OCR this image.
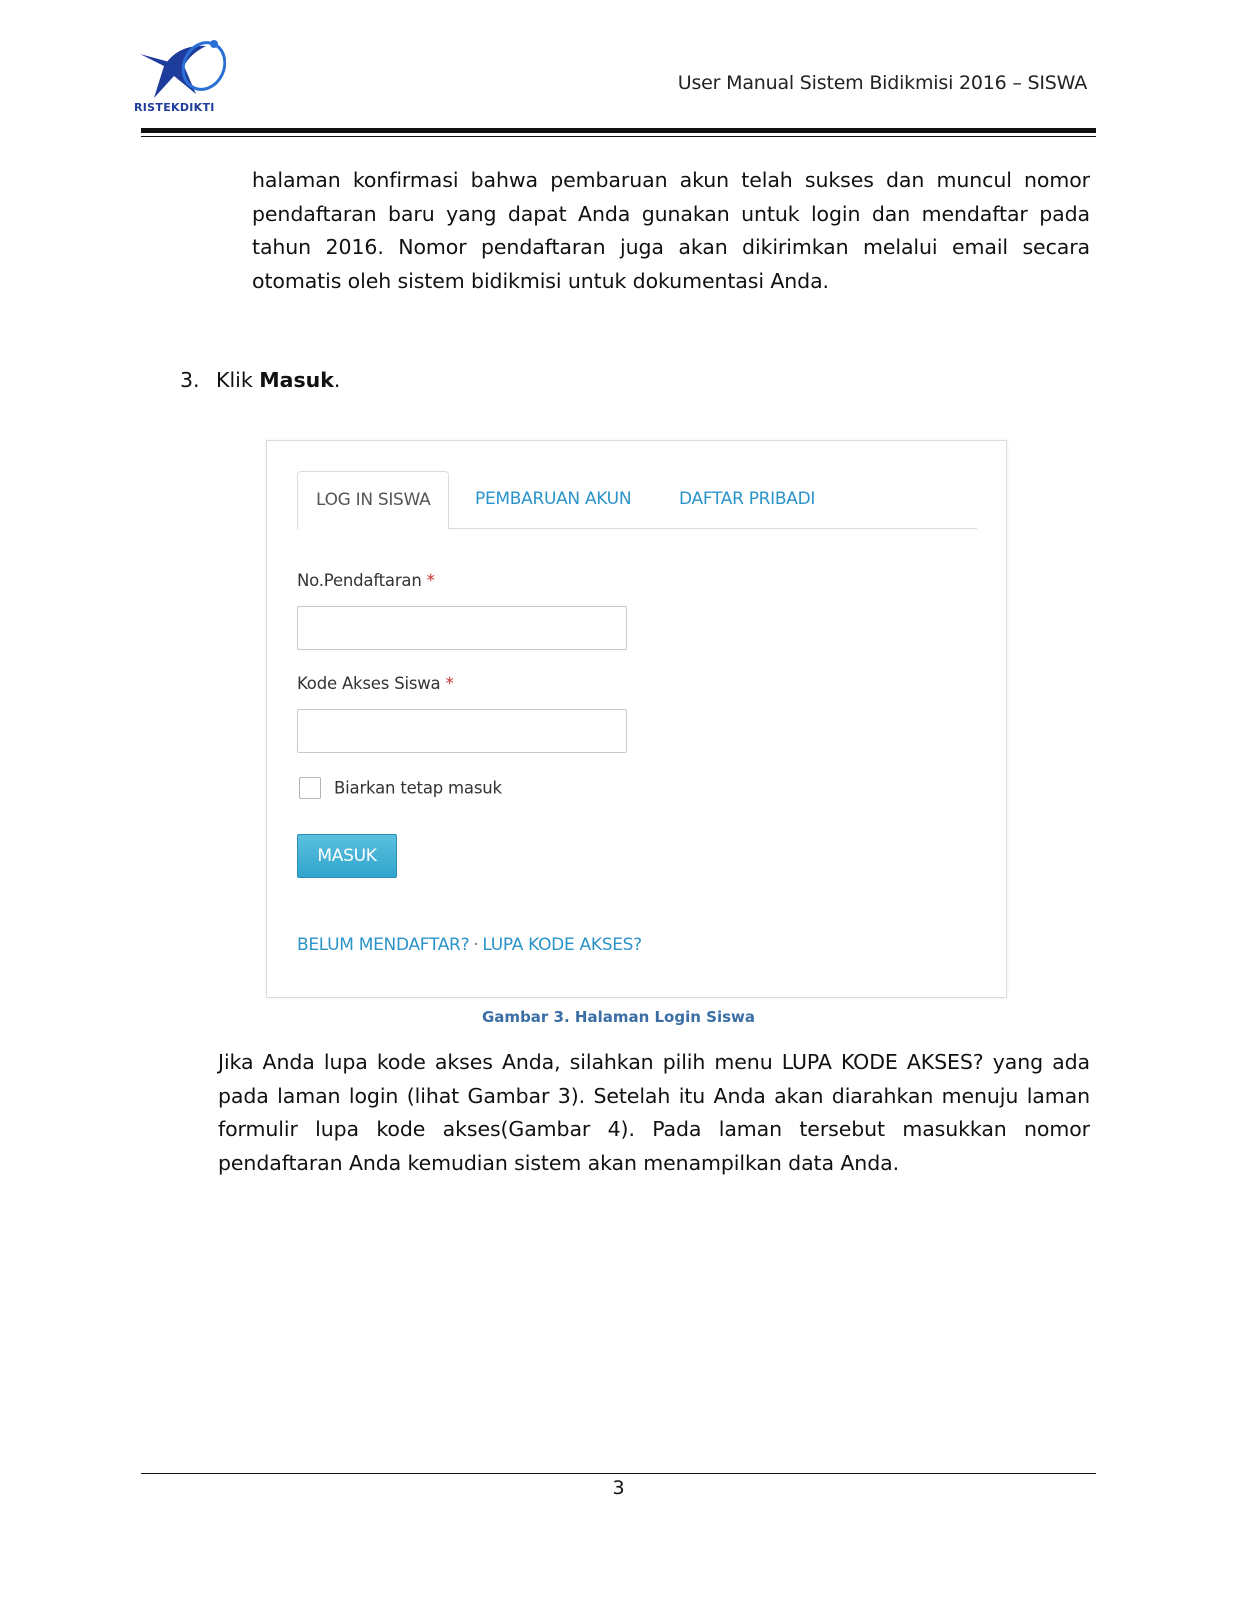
RISTEKDIKTI
User Manual Sistem Bidikmisi 2016 – SISWA
halaman konfirmasi bahwa pembaruan akun telah sukses dan muncul nomor pendaftaran baru yang dapat Anda gunakan untuk login dan mendaftar pada tahun 2016. Nomor pendaftaran juga akan dikirimkan melalui email secara otomatis oleh sistem bidikmisi untuk dokumentasi Anda.
3. Klik Masuk.
LOG IN SISWA	PEMBARUAN AKUN	DAFTAR PRIBADI
No.Pendaftaran *
Kode Akses Siswa *
Biarkan tetap masuk
MASUK
BELUM MENDAFTAR? · LUPA KODE AKSES?
Gambar 3. Halaman Login Siswa
Jika Anda lupa kode akses Anda, silahkan pilih menu LUPA KODE AKSES? yang ada pada laman login (lihat Gambar 3). Setelah itu Anda akan diarahkan menuju laman formulir lupa kode akses(Gambar 4). Pada laman tersebut masukkan nomor pendaftaran Anda kemudian sistem akan menampilkan data Anda.
3
